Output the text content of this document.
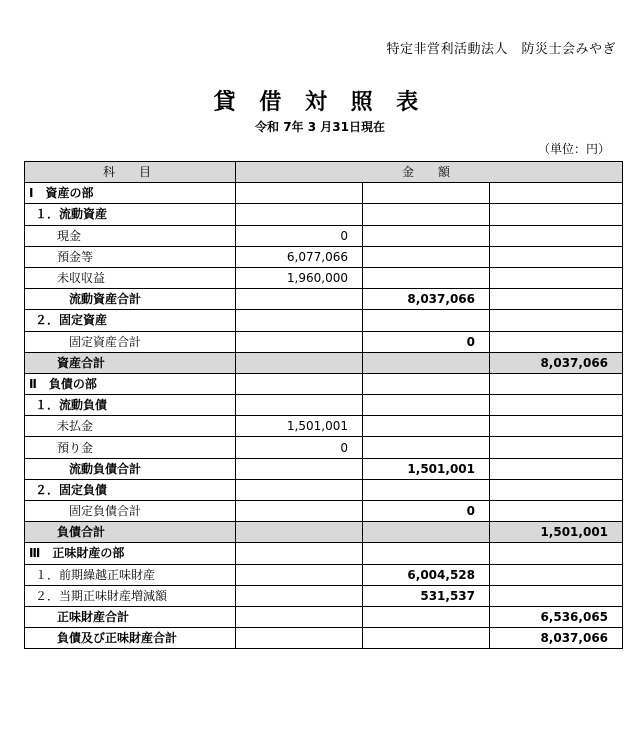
特定非営利活動法人　防災士会みやぎ
貸 借 対 照 表
令和 7年 3 月31日現在
（単位：円）
科　目	金　額		
Ⅰ　資産の部			
１．流動資産			
現金	0		
預金等	6,077,066		
未収収益	1,960,000		
流動資産合計		8,037,066	
２．固定資産			
固定資産合計		0	
資産合計			8,037,066
Ⅱ　負債の部			
１．流動負債			
未払金	1,501,001		
預り金	0		
流動負債合計		1,501,001	
２．固定負債			
固定負債合計		0	
負債合計			1,501,001
Ⅲ　正味財産の部			
１．前期繰越正味財産		6,004,528	
２．当期正味財産増減額		531,537	
正味財産合計			6,536,065
負債及び正味財産合計			8,037,066
